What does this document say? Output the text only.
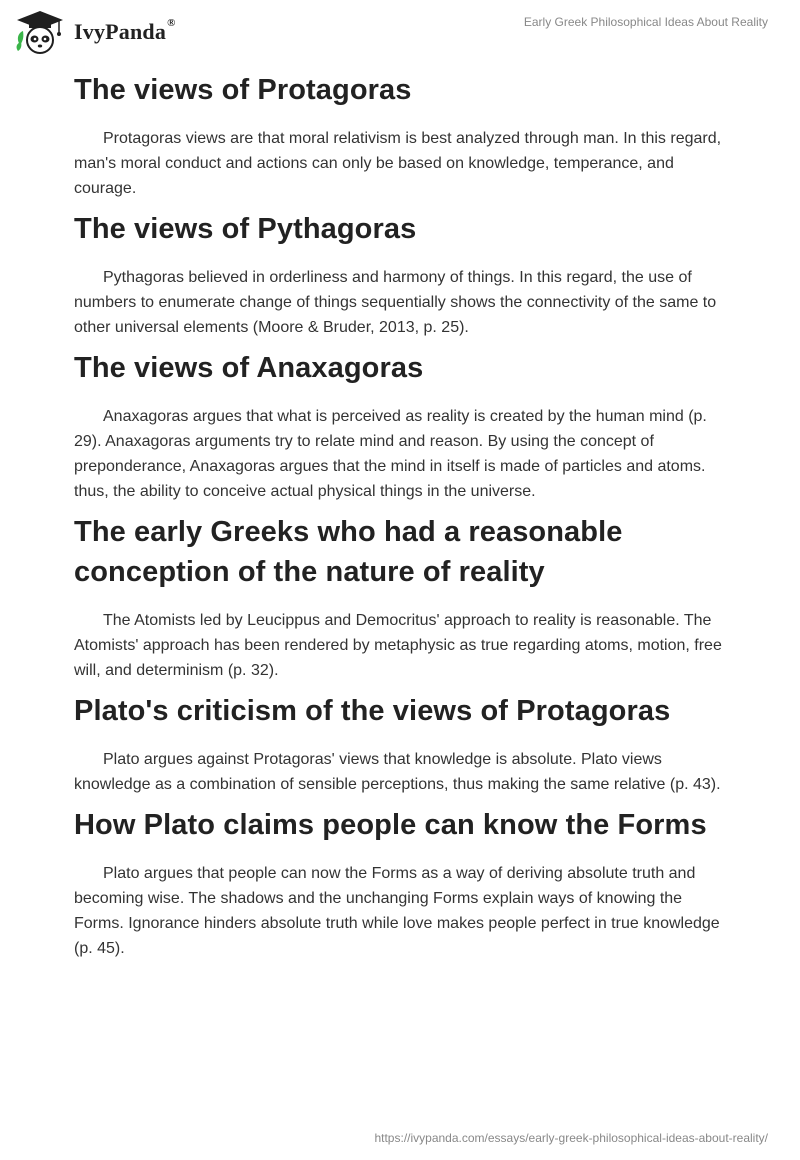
IvyPanda®	Early Greek Philosophical Ideas About Reality
The views of Protagoras

Protagoras views are that moral relativism is best analyzed through man. In this regard, man's moral conduct and actions can only be based on knowledge, temperance, and courage.

The views of Pythagoras

Pythagoras believed in orderliness and harmony of things. In this regard, the use of numbers to enumerate change of things sequentially shows the connectivity of the same to other universal elements (Moore & Bruder, 2013, p. 25).

The views of Anaxagoras

Anaxagoras argues that what is perceived as reality is created by the human mind (p. 29). Anaxagoras arguments try to relate mind and reason. By using the concept of preponderance, Anaxagoras argues that the mind in itself is made of particles and atoms. thus, the ability to conceive actual physical things in the universe.

The early Greeks who had a reasonable conception of the nature of reality

The Atomists led by Leucippus and Democritus' approach to reality is reasonable. The Atomists' approach has been rendered by metaphysic as true regarding atoms, motion, free will, and determinism (p. 32).

Plato's criticism of the views of Protagoras

Plato argues against Protagoras' views that knowledge is absolute. Plato views knowledge as a combination of sensible perceptions, thus making the same relative (p. 43).

How Plato claims people can know the Forms

Plato argues that people can now the Forms as a way of deriving absolute truth and becoming wise. The shadows and the unchanging Forms explain ways of knowing the Forms. Ignorance hinders absolute truth while love makes people perfect in true knowledge (p. 45).

https://ivypanda.com/essays/early-greek-philosophical-ideas-about-reality/
